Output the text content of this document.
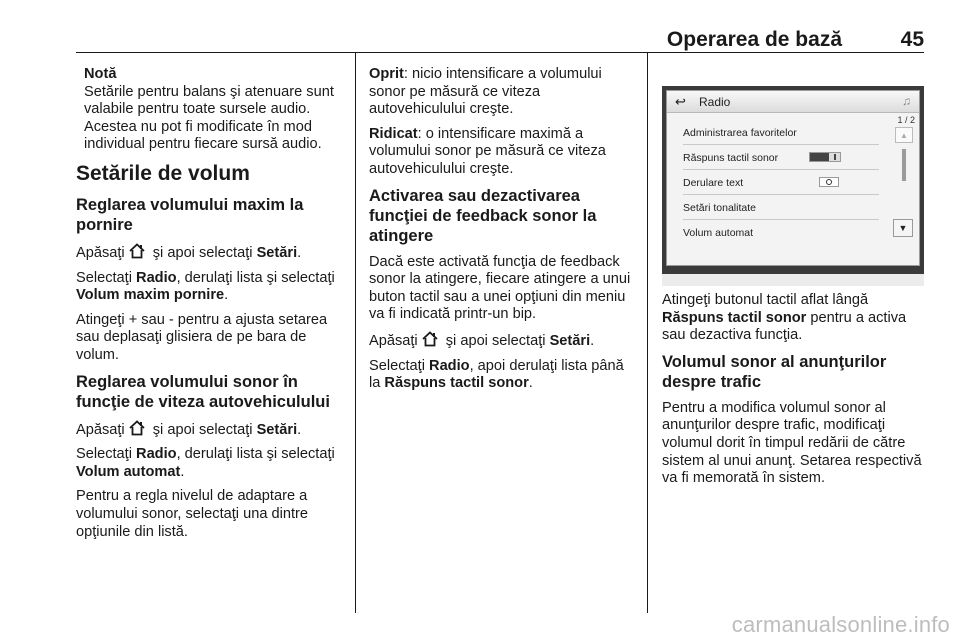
Operarea de bază	45
Notă

Setările pentru balans şi atenuare sunt valabile pentru toate sursele audio. Acestea nu pot fi modificate în mod individual pentru fiecare sursă audio.

Setările de volum
Reglarea volumului maxim la pornire

Apăsaţi şi apoi selectaţi Setări.

Selectaţi Radio, derulaţi lista şi selectaţi Volum maxim pornire.

Atingeţi + sau - pentru a ajusta setarea sau deplasaţi glisiera de pe bara de volum.

Reglarea volumului sonor în funcţie de viteza autovehiculului

Apăsaţi şi apoi selectaţi Setări.

Selectaţi Radio, derulaţi lista şi selectaţi Volum automat.

Pentru a regla nivelul de adaptare a volumului sonor, selectaţi una dintre opţiunile din listă.

Oprit: nicio intensificare a volumului sonor pe măsură ce viteza autovehiculului creşte.

Ridicat: o intensificare maximă a volumului sonor pe măsură ce viteza autovehiculului creşte.

Activarea sau dezactivarea funcţiei de feedback sonor la atingere

Dacă este activată funcţia de feedback sonor la atingere, fiecare atingere a unui buton tactil sau a unei opţiuni din meniu va fi indicată printr-un bip.

Apăsaţi şi apoi selectaţi Setări.

Selectaţi Radio, apoi derulaţi lista până la Răspuns tactil sonor.

↩ Radio	♫
1 / 2
Administrarea favoritelor
Răspuns tactil sonor
Derulare text
Setări tonalitate
Volum automat
▲
▼

Atingeţi butonul tactil aflat lângă Răspuns tactil sonor pentru a activa sau dezactiva funcţia.

Volumul sonor al anunţurilor despre trafic

Pentru a modifica volumul sonor al anunţurilor despre trafic, modificaţi volumul dorit în timpul redării de către sistem al unui anunţ. Setarea respectivă va fi memorată în sistem.

carmanualsonline.info
